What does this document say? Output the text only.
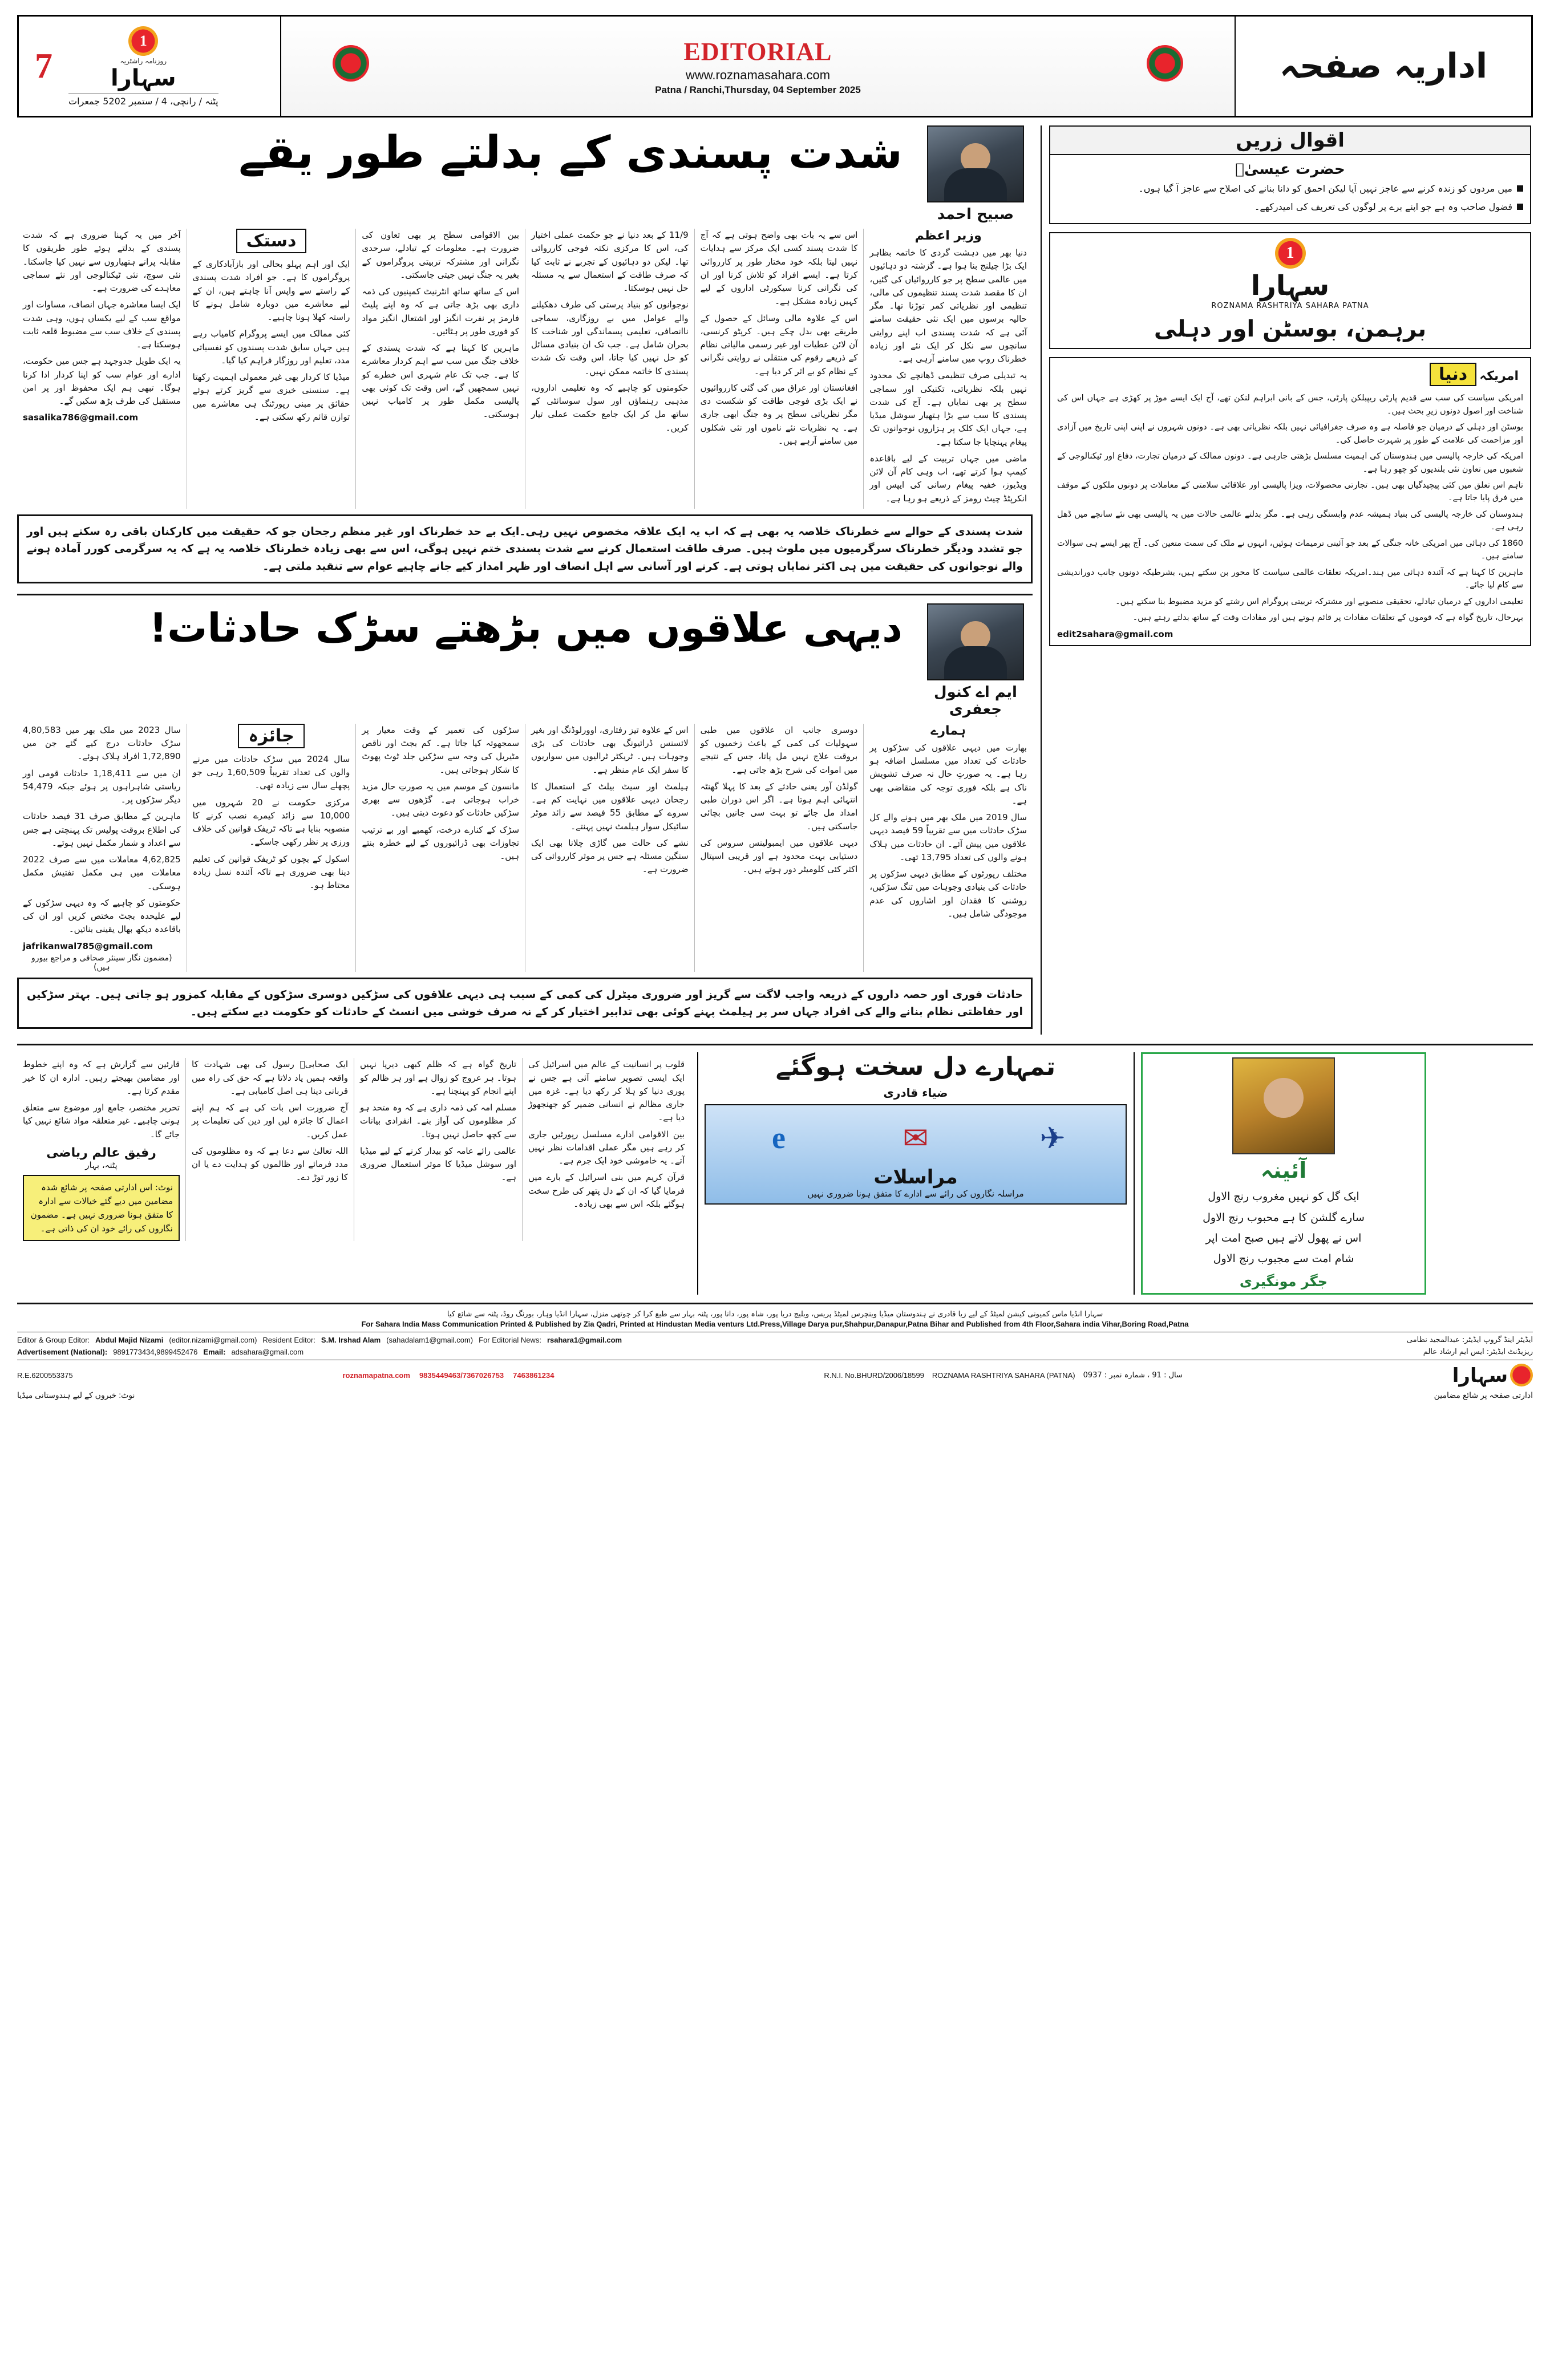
7
1	روزنامہ راشٹریہ
سہارا
پٹنہ / رانچی، 4 / ستمبر 2025 جمعرات
EDITORIAL
www.roznamasahara.com
Patna / Ranchi,Thursday, 04 September 2025
اداریہ صفحہ
شدت پسندی کے بدلتے طور یقے
صبیح احمد
وزیر اعظم

دنیا بھر میں دہشت گردی کا خاتمہ بظاہر ایک بڑا چیلنج بنا ہوا ہے۔ گزشتہ دو دہائیوں میں عالمی سطح پر جو کارروائیاں کی گئیں، ان کا مقصد شدت پسند تنظیموں کی مالی، تنظیمی اور نظریاتی کمر توڑنا تھا۔ مگر حالیہ برسوں میں ایک نئی حقیقت سامنے آئی ہے کہ شدت پسندی اب اپنے روایتی سانچوں سے نکل کر ایک نئے اور زیادہ خطرناک روپ میں سامنے آرہی ہے۔

یہ تبدیلی صرف تنظیمی ڈھانچے تک محدود نہیں بلکہ نظریاتی، تکنیکی اور سماجی سطح پر بھی نمایاں ہے۔ آج کی شدت پسندی کا سب سے بڑا ہتھیار سوشل میڈیا ہے، جہاں ایک کلک پر ہزاروں نوجوانوں تک پیغام پہنچایا جا سکتا ہے۔

ماضی میں جہاں تربیت کے لیے باقاعدہ کیمپ ہوا کرتے تھے، اب وہی کام آن لائن ویڈیوز، خفیہ پیغام رسانی کی ایپس اور انکرپٹڈ چیٹ رومز کے ذریعے ہو رہا ہے۔

اس سے یہ بات بھی واضح ہوتی ہے کہ آج کا شدت پسند کسی ایک مرکز سے ہدایات نہیں لیتا بلکہ خود مختار طور پر کارروائی کرتا ہے۔ ایسے افراد کو تلاش کرنا اور ان کی نگرانی کرنا سیکورٹی اداروں کے لیے کہیں زیادہ مشکل ہے۔

اس کے علاوہ مالی وسائل کے حصول کے طریقے بھی بدل چکے ہیں۔ کرپٹو کرنسی، آن لائن عطیات اور غیر رسمی مالیاتی نظام کے ذریعے رقوم کی منتقلی نے روایتی نگرانی کے نظام کو بے اثر کر دیا ہے۔

افغانستان اور عراق میں کی گئی کارروائیوں نے ایک بڑی فوجی طاقت کو شکست دی مگر نظریاتی سطح پر وہ جنگ ابھی جاری ہے۔ یہ نظریات نئے ناموں اور نئی شکلوں میں سامنے آرہے ہیں۔

11/9 کے بعد دنیا نے جو حکمت عملی اختیار کی، اس کا مرکزی نکتہ فوجی کارروائی تھا۔ لیکن دو دہائیوں کے تجربے نے ثابت کیا کہ صرف طاقت کے استعمال سے یہ مسئلہ حل نہیں ہوسکتا۔

نوجوانوں کو بنیاد پرستی کی طرف دھکیلنے والے عوامل میں بے روزگاری، سماجی ناانصافی، تعلیمی پسماندگی اور شناخت کا بحران شامل ہے۔ جب تک ان بنیادی مسائل کو حل نہیں کیا جاتا، اس وقت تک شدت پسندی کا خاتمہ ممکن نہیں۔

حکومتوں کو چاہیے کہ وہ تعلیمی اداروں، مذہبی رہنماؤں اور سول سوسائٹی کے ساتھ مل کر ایک جامع حکمت عملی تیار کریں۔

بین الاقوامی سطح پر بھی تعاون کی ضرورت ہے۔ معلومات کے تبادلے، سرحدی نگرانی اور مشترکہ تربیتی پروگراموں کے بغیر یہ جنگ نہیں جیتی جاسکتی۔

اس کے ساتھ ساتھ انٹرنیٹ کمپنیوں کی ذمہ داری بھی بڑھ جاتی ہے کہ وہ اپنے پلیٹ فارمز پر نفرت انگیز اور اشتعال انگیز مواد کو فوری طور پر ہٹائیں۔

ماہرین کا کہنا ہے کہ شدت پسندی کے خلاف جنگ میں سب سے اہم کردار معاشرے کا ہے۔ جب تک عام شہری اس خطرے کو نہیں سمجھیں گے، اس وقت تک کوئی بھی پالیسی مکمل طور پر کامیاب نہیں ہوسکتی۔

دستک

ایک اور اہم پہلو بحالی اور بازآبادکاری کے پروگراموں کا ہے۔ جو افراد شدت پسندی کے راستے سے واپس آنا چاہتے ہیں، ان کے لیے معاشرے میں دوبارہ شامل ہونے کا راستہ کھلا ہونا چاہیے۔

کئی ممالک میں ایسے پروگرام کامیاب رہے ہیں جہاں سابق شدت پسندوں کو نفسیاتی مدد، تعلیم اور روزگار فراہم کیا گیا۔

میڈیا کا کردار بھی غیر معمولی اہمیت رکھتا ہے۔ سنسنی خیزی سے گریز کرتے ہوئے حقائق پر مبنی رپورٹنگ ہی معاشرے میں توازن قائم رکھ سکتی ہے۔

آخر میں یہ کہنا ضروری ہے کہ شدت پسندی کے بدلتے ہوئے طور طریقوں کا مقابلہ پرانے ہتھیاروں سے نہیں کیا جاسکتا۔ نئی سوچ، نئی ٹیکنالوجی اور نئے سماجی معاہدے کی ضرورت ہے۔

ایک ایسا معاشرہ جہاں انصاف، مساوات اور مواقع سب کے لیے یکساں ہوں، وہی شدت پسندی کے خلاف سب سے مضبوط قلعہ ثابت ہوسکتا ہے۔

یہ ایک طویل جدوجہد ہے جس میں حکومت، ادارے اور عوام سب کو اپنا کردار ادا کرنا ہوگا۔ تبھی ہم ایک محفوظ اور پر امن مستقبل کی طرف بڑھ سکیں گے۔

sasalika786@gmail.com
شدت پسندی کے حوالے سے خطرناک خلاصہ یہ بھی ہے کہ اب یہ ایک علاقہ مخصوص نہیں رہی۔ایک بے حد خطرناک اور غیر منظم رجحان جو کہ حقیقت میں کارکنان باقی رہ سکتے ہیں اور جو تشدد ودیگر خطرناک سرگرمیوں میں ملوث ہیں۔ صرف طاقت استعمال کرنے سے شدت پسندی ختم نہیں ہوگی، اس سے بھی زیادہ خطرناک خلاصہ یہ ہے کہ یہ سرگرمی کورر آمادہ ہونے والے نوجوانوں کی حقیقت میں ہی اکثر نمایاں ہوتی ہے۔ کرنے اور آسانی سے اہل انصاف اور ظہر امداز کیے جانے چاہیے عوام سے تنقید ملتی ہے۔
دیہی علاقوں میں بڑھتے سڑک حادثات!
ایم اے کنول جعفری
ہمارے

بھارت میں دیہی علاقوں کی سڑکوں پر حادثات کی تعداد میں مسلسل اضافہ ہو رہا ہے۔ یہ صورتِ حال نہ صرف تشویش ناک ہے بلکہ فوری توجہ کی متقاضی بھی ہے۔

سال 2019 میں ملک بھر میں ہونے والے کل سڑک حادثات میں سے تقریباً 59 فیصد دیہی علاقوں میں پیش آئے۔ ان حادثات میں ہلاک ہونے والوں کی تعداد 13,795 تھی۔

مختلف رپورٹوں کے مطابق دیہی سڑکوں پر حادثات کی بنیادی وجوہات میں تنگ سڑکیں، روشنی کا فقدان اور اشاروں کی عدم موجودگی شامل ہیں۔

دوسری جانب ان علاقوں میں طبی سہولیات کی کمی کے باعث زخمیوں کو بروقت علاج نہیں مل پاتا، جس کے نتیجے میں اموات کی شرح بڑھ جاتی ہے۔

گولڈن آور یعنی حادثے کے بعد کا پہلا گھنٹہ انتہائی اہم ہوتا ہے۔ اگر اس دوران طبی امداد مل جائے تو بہت سی جانیں بچائی جاسکتی ہیں۔

دیہی علاقوں میں ایمبولینس سروس کی دستیابی بہت محدود ہے اور قریبی اسپتال اکثر کئی کلومیٹر دور ہوتے ہیں۔

اس کے علاوہ تیز رفتاری، اوورلوڈنگ اور بغیر لائسنس ڈرائیونگ بھی حادثات کی بڑی وجوہات ہیں۔ ٹریکٹر ٹرالیوں میں سواریوں کا سفر ایک عام منظر ہے۔

ہیلمٹ اور سیٹ بیلٹ کے استعمال کا رجحان دیہی علاقوں میں نہایت کم ہے۔ سروے کے مطابق 55 فیصد سے زائد موٹر سائیکل سوار ہیلمٹ نہیں پہنتے۔

نشے کی حالت میں گاڑی چلانا بھی ایک سنگین مسئلہ ہے جس پر موثر کارروائی کی ضرورت ہے۔

سڑکوں کی تعمیر کے وقت معیار پر سمجھوتہ کیا جاتا ہے۔ کم بجٹ اور ناقص مٹیریل کی وجہ سے سڑکیں جلد ٹوٹ پھوٹ کا شکار ہوجاتی ہیں۔

مانسون کے موسم میں یہ صورتِ حال مزید خراب ہوجاتی ہے۔ گڑھوں سے بھری سڑکیں حادثات کو دعوت دیتی ہیں۔

سڑک کے کنارے درخت، کھمبے اور بے ترتیب تجاوزات بھی ڈرائیوروں کے لیے خطرہ بنتے ہیں۔

جائزہ

سال 2024 میں سڑک حادثات میں مرنے والوں کی تعداد تقریباً 1,60,509 رہی جو پچھلے سال سے زیادہ تھی۔

مرکزی حکومت نے 20 شہروں میں 10,000 سے زائد کیمرے نصب کرنے کا منصوبہ بنایا ہے تاکہ ٹریفک قوانین کی خلاف ورزی پر نظر رکھی جاسکے۔

اسکول کے بچوں کو ٹریفک قوانین کی تعلیم دینا بھی ضروری ہے تاکہ آئندہ نسل زیادہ محتاط ہو۔

سال 2023 میں ملک بھر میں 4,80,583 سڑک حادثات درج کیے گئے جن میں 1,72,890 افراد ہلاک ہوئے۔

ان میں سے 1,18,411 حادثات قومی اور ریاستی شاہراہوں پر ہوئے جبکہ 54,479 دیگر سڑکوں پر۔

ماہرین کے مطابق صرف 31 فیصد حادثات کی اطلاع بروقت پولیس تک پہنچتی ہے جس سے اعداد و شمار مکمل نہیں ہوتے۔

4,62,825 معاملات میں سے صرف 2022 معاملات میں ہی مکمل تفتیش مکمل ہوسکی۔

حکومتوں کو چاہیے کہ وہ دیہی سڑکوں کے لیے علیحدہ بجٹ مختص کریں اور ان کی باقاعدہ دیکھ بھال یقینی بنائیں۔

jafrikanwal785@gmail.com
(مضمون نگار سینئر صحافی و مراجع بیورو ہیں)
حادثات فوری اور حصہ داروں کے ذریعہ واجب لاگت سے گریز اور ضروری میٹرل کی کمی کے سبب ہی دیہی علاقوں کی سڑکیں دوسری سڑکوں کے مقابلہ کمزور ہو جاتی ہیں۔ بہتر سڑکیں اور حفاظتی نظام بنانے والے کی افراد جہاں سر پر ہیلمٹ پہنے کوئی بھی تدابیر اختیار کر کے نہ صرف خوشی میں انسٹ کے حادثات کو حکومت دیے سکتے ہیں۔
اقوال زریں
حضرت عیسیٰؑ
میں مردوں کو زندہ کرنے سے عاجز نہیں آیا لیکن احمق کو دانا بنانے کی اصلاح سے عاجز آ گیا ہوں۔
فضول صاحب وہ ہے جو اپنے برے پر لوگوں کی تعریف کی امیدرکھے۔
1
سہارا
ROZNAMA RASHTRIYA SAHARA PATNA
برہمن، بوسٹن اور دہلی
دنیا امریکہ

امریکی سیاست کی سب سے قدیم پارٹی ریپبلکن پارٹی، جس کے بانی ابراہم لنکن تھے، آج ایک ایسے موڑ پر کھڑی ہے جہاں اس کی شناخت اور اصول دونوں زیرِ بحث ہیں۔

بوسٹن اور دہلی کے درمیان جو فاصلہ ہے وہ صرف جغرافیائی نہیں بلکہ نظریاتی بھی ہے۔ دونوں شہروں نے اپنی اپنی تاریخ میں آزادی اور مزاحمت کی علامت کے طور پر شہرت حاصل کی۔

امریکہ کی خارجہ پالیسی میں ہندوستان کی اہمیت مسلسل بڑھتی جارہی ہے۔ دونوں ممالک کے درمیان تجارت، دفاع اور ٹیکنالوجی کے شعبوں میں تعاون نئی بلندیوں کو چھو رہا ہے۔

تاہم اس تعلق میں کئی پیچیدگیاں بھی ہیں۔ تجارتی محصولات، ویزا پالیسی اور علاقائی سلامتی کے معاملات پر دونوں ملکوں کے موقف میں فرق پایا جاتا ہے۔

ہندوستان کی خارجہ پالیسی کی بنیاد ہمیشہ عدم وابستگی رہی ہے۔ مگر بدلتے عالمی حالات میں یہ پالیسی بھی نئے سانچے میں ڈھل رہی ہے۔

1860 کی دہائی میں امریکی خانہ جنگی کے بعد جو آئینی ترمیمات ہوئیں، انہوں نے ملک کی سمت متعین کی۔ آج پھر ایسے ہی سوالات سامنے ہیں۔

ماہرین کا کہنا ہے کہ آئندہ دہائی میں ہند۔امریکہ تعلقات عالمی سیاست کا محور بن سکتے ہیں، بشرطیکہ دونوں جانب دوراندیشی سے کام لیا جائے۔

تعلیمی اداروں کے درمیان تبادلے، تحقیقی منصوبے اور مشترکہ تربیتی پروگرام اس رشتے کو مزید مضبوط بنا سکتے ہیں۔

بہرحال، تاریخ گواہ ہے کہ قوموں کے تعلقات مفادات پر قائم ہوتے ہیں اور مفادات وقت کے ساتھ بدلتے رہتے ہیں۔

edit2sahara@gmail.com

قلوب پر انسانیت کے عالم میں اسرائیل کی ایک ایسی تصویر سامنے آئی ہے جس نے پوری دنیا کو ہلا کر رکھ دیا ہے۔ غزہ میں جاری مظالم نے انسانی ضمیر کو جھنجھوڑ دیا ہے۔

بین الاقوامی ادارے مسلسل رپورٹیں جاری کر رہے ہیں مگر عملی اقدامات نظر نہیں آتے۔ یہ خاموشی خود ایک جرم ہے۔

قرآن کریم میں بنی اسرائیل کے بارے میں فرمایا گیا کہ ان کے دل پتھر کی طرح سخت ہوگئے بلکہ اس سے بھی زیادہ۔

تاریخ گواہ ہے کہ ظلم کبھی دیرپا نہیں ہوتا۔ ہر عروج کو زوال ہے اور ہر ظالم کو اپنے انجام کو پہنچنا ہے۔

مسلم امہ کی ذمہ داری ہے کہ وہ متحد ہو کر مظلوموں کی آواز بنے۔ انفرادی بیانات سے کچھ حاصل نہیں ہوتا۔

عالمی رائے عامہ کو بیدار کرنے کے لیے میڈیا اور سوشل میڈیا کا موثر استعمال ضروری ہے۔

ایک صحابیؓ رسول کی بھی شہادت کا واقعہ ہمیں یاد دلاتا ہے کہ حق کی راہ میں قربانی دینا ہی اصل کامیابی ہے۔

آج ضرورت اس بات کی ہے کہ ہم اپنے اعمال کا جائزہ لیں اور دین کی تعلیمات پر عمل کریں۔

اللہ تعالیٰ سے دعا ہے کہ وہ مظلوموں کی مدد فرمائے اور ظالموں کو ہدایت دے یا ان کا زور توڑ دے۔

قارئین سے گزارش ہے کہ وہ اپنے خطوط اور مضامین بھیجتے رہیں۔ ادارہ ان کا خیر مقدم کرتا ہے۔

تحریر مختصر، جامع اور موضوع سے متعلق ہونی چاہیے۔ غیر متعلقہ مواد شائع نہیں کیا جائے گا۔

رفیق عالم ریاضی
پٹنہ، بہار
نوٹ: اس ادارتی صفحہ پر شائع شدہ مضامین میں دیے گئے خیالات سے ادارہ کا متفق ہونا ضروری نہیں ہے۔ مضمون نگاروں کی رائے خود ان کی ذاتی ہے۔
تمہارے دل سخت ہوگئے
ضیاء قادری
e	✉	✈
مراسلات
مراسلہ نگاروں کی رائے سے ادارے کا متفق ہونا ضروری نہیں
آئینہ
ایک گل کو نہیں مغروب رنج الاول
سارے گلشن کا ہے محبوب رنج الاول
اس نے پھول لاتے ہیں صبح امت اپر
شام امت سے مجبوب رنج الاول
جگر مونگیری
سہارا انڈیا ماس کمیونی کیشن لمیٹڈ کے لیے زیا قادری نے ہندوستان میڈیا وینچرس لمیٹڈ پریس، ویلیج دریا پور، شاہ پور، دانا پور، پٹنہ بہار سے طبع کرا کر چوتھی منزل، سہارا انڈیا وہار، بورنگ روڈ، پٹنہ سے شائع کیا
For Sahara India Mass Communication Printed & Published by Zia Qadri, Printed at Hindustan Media venturs Ltd.Press,Village Darya pur,Shahpur,Danapur,Patna Bihar and Published from 4th Floor,Sahara india Vihar,Boring Road,Patna
Editor & Group Editor: Abdul Majid Nizami (editor.nizami@gmail.com) Resident Editor: S.M. Irshad Alam (sahadalam1@gmail.com) For Editorial News: rsahara1@gmail.com	ایڈیٹر اینڈ گروپ ایڈیٹر: عبدالمجید نظامی
Advertisement (National): 9891773434,9899452476 Email: adsahara@gmail.com	ریزیڈنٹ ایڈیٹر: ایس ایم ارشاد عالم
R.E.6200553375	roznamapatna.com 9835449463/7367026753 7463861234	R.N.I. No.BHURD/2006/18599 ROZNAMA RASHTRIYA SAHARA (PATNA) سال : 19 ، شمارہ نمبر : 7390	سہارا
نوٹ: خبروں کے لیے ہندوستانی میڈیا	ادارتی صفحہ پر شائع مضامین
